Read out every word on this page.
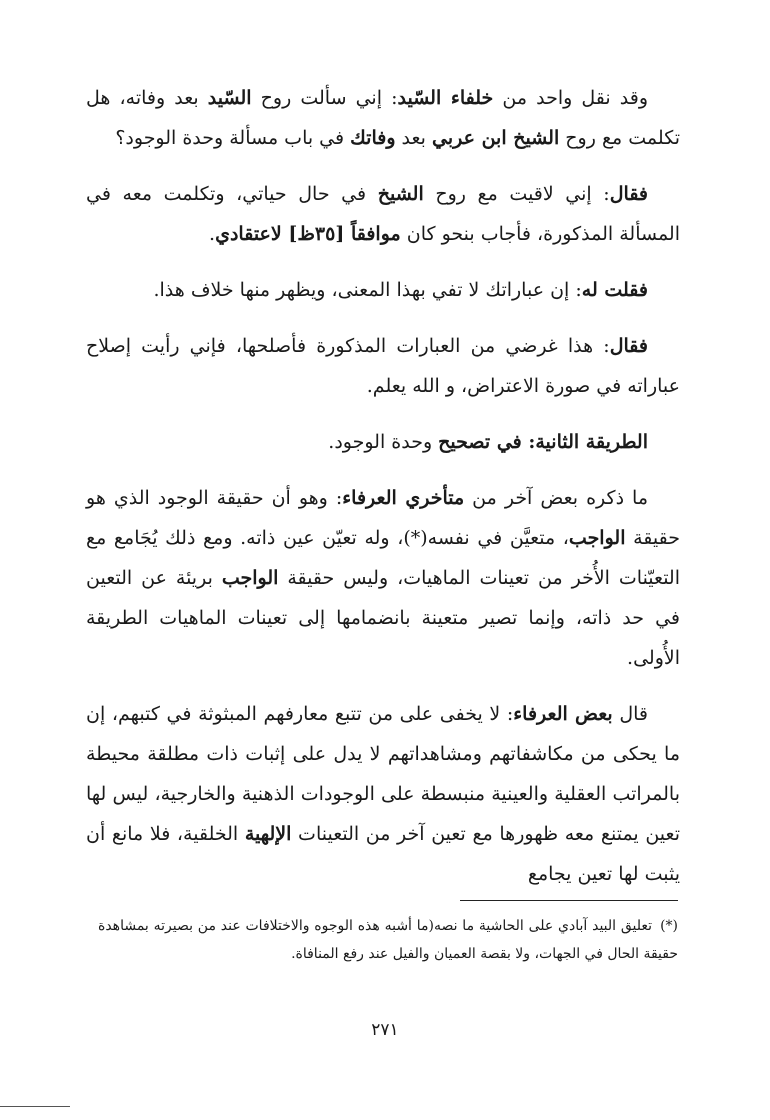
وقد نقل واحد من خلفاء السّيد: إني سألت روح السّيد بعد وفاته، هل تكلمت مع روح الشيخ ابن عربي بعد وفاتك في باب مسألة وحدة الوجود؟

فقال: إني لاقيت مع روح الشيخ في حال حياتي، وتكلمت معه في المسألة المذكورة، فأجاب بنحو كان موافقاً [٣٥ظ] لاعتقادي.

فقلت له: إن عباراتك لا تفي بهذا المعنى، ويظهر منها خلاف هذا.

فقال: هذا غرضي من العبارات المذكورة فأصلحها، فإني رأيت إصلاح عباراته في صورة الاعتراض، و الله يعلم.

الطريقة الثانية: في تصحيح وحدة الوجود.

ما ذكره بعض آخر من متأخري العرفاء: وهو أن حقيقة الوجود الذي هو حقيقة الواجب، متعيَّن في نفسه(*)، وله تعيّن عين ذاته. ومع ذلك يُجَامع مع التعيّنات الأُخر من تعينات الماهيات، وليس حقيقة الواجب بريئة عن التعين في حد ذاته، وإنما تصير متعينة بانضمامها إلى تعينات الماهيات الطريقة الأُولى.

قال بعض العرفاء: لا يخفى على من تتبع معارفهم المبثوثة في كتبهم، إن ما يحكى من مكاشفاتهم ومشاهداتهم لا يدل على إثبات ذات مطلقة محيطة بالمراتب العقلية والعينية منبسطة على الوجودات الذهنية والخارجية، ليس لها تعين يمتنع معه ظهورها مع تعين آخر من التعينات الإلهية الخلقية، فلا مانع أن يثبت لها تعين يجامع

(*)تعليق البيد آبادي على الحاشية ما نصه(ما أشبه هذه الوجوه والاختلافات عند من بصيرته بمشاهدة حقيقة الحال في الجهات، ولا بقصة العميان والفيل عند رفع المنافاة.
٢٧١
